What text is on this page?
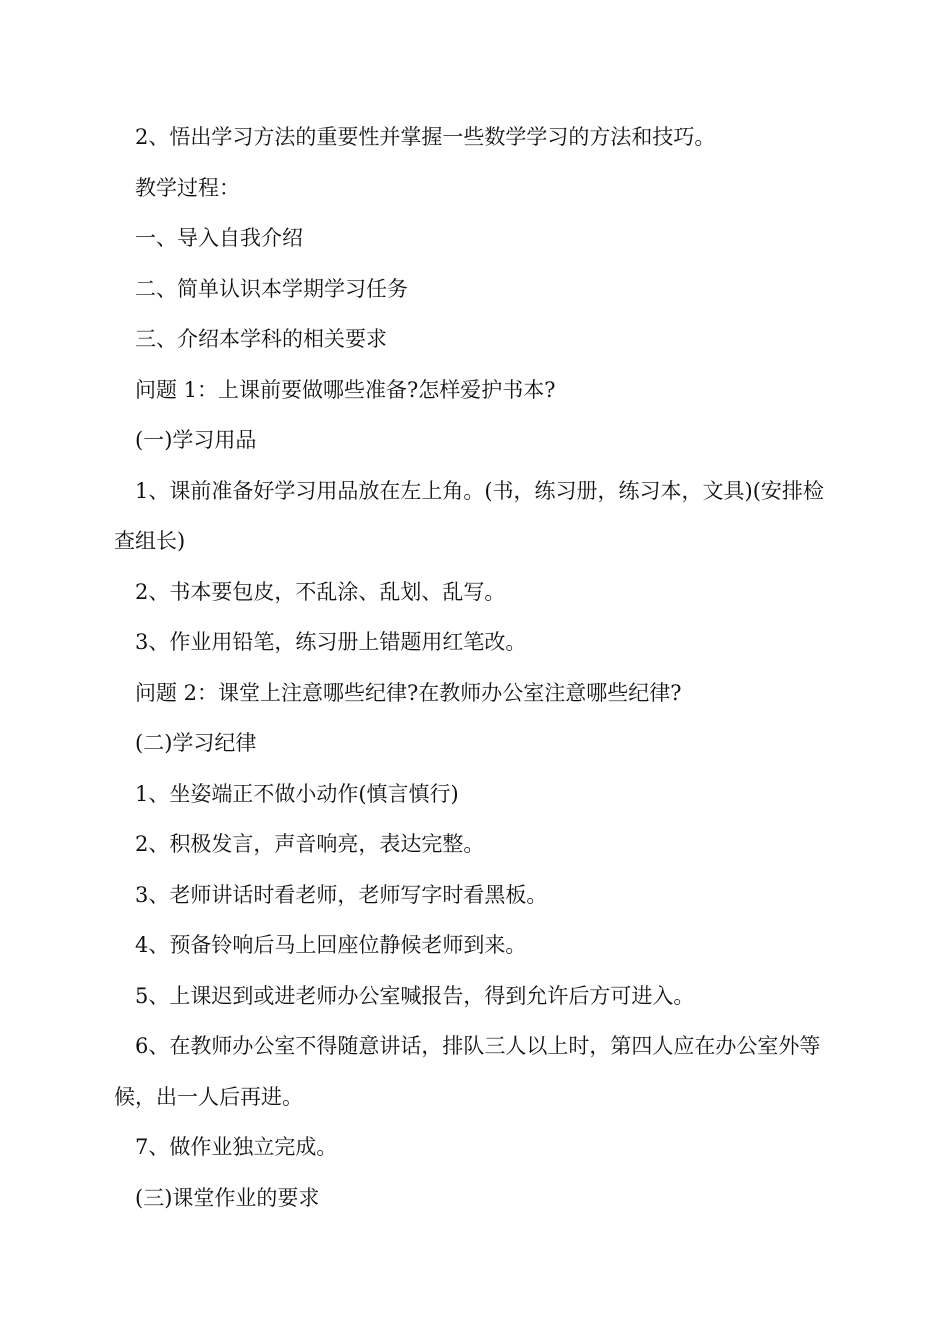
2、悟出学习方法的重要性并掌握一些数学学习的方法和技巧。

教学过程：

一、导入自我介绍

二、简单认识本学期学习任务

三、介绍本学科的相关要求

问题 1：上课前要做哪些准备?怎样爱护书本?

(一)学习用品

1、课前准备好学习用品放在左上角。(书，练习册，练习本，文具)(安排检查组长)

2、书本要包皮，不乱涂、乱划、乱写。

3、作业用铅笔，练习册上错题用红笔改。

问题 2：课堂上注意哪些纪律?在教师办公室注意哪些纪律?

(二)学习纪律

1、坐姿端正不做小动作(慎言慎行)

2、积极发言，声音响亮，表达完整。

3、老师讲话时看老师，老师写字时看黑板。

4、预备铃响后马上回座位静候老师到来。

5、上课迟到或进老师办公室喊报告，得到允许后方可进入。

6、在教师办公室不得随意讲话，排队三人以上时，第四人应在办公室外等候，出一人后再进。

7、做作业独立完成。

(三)课堂作业的要求
